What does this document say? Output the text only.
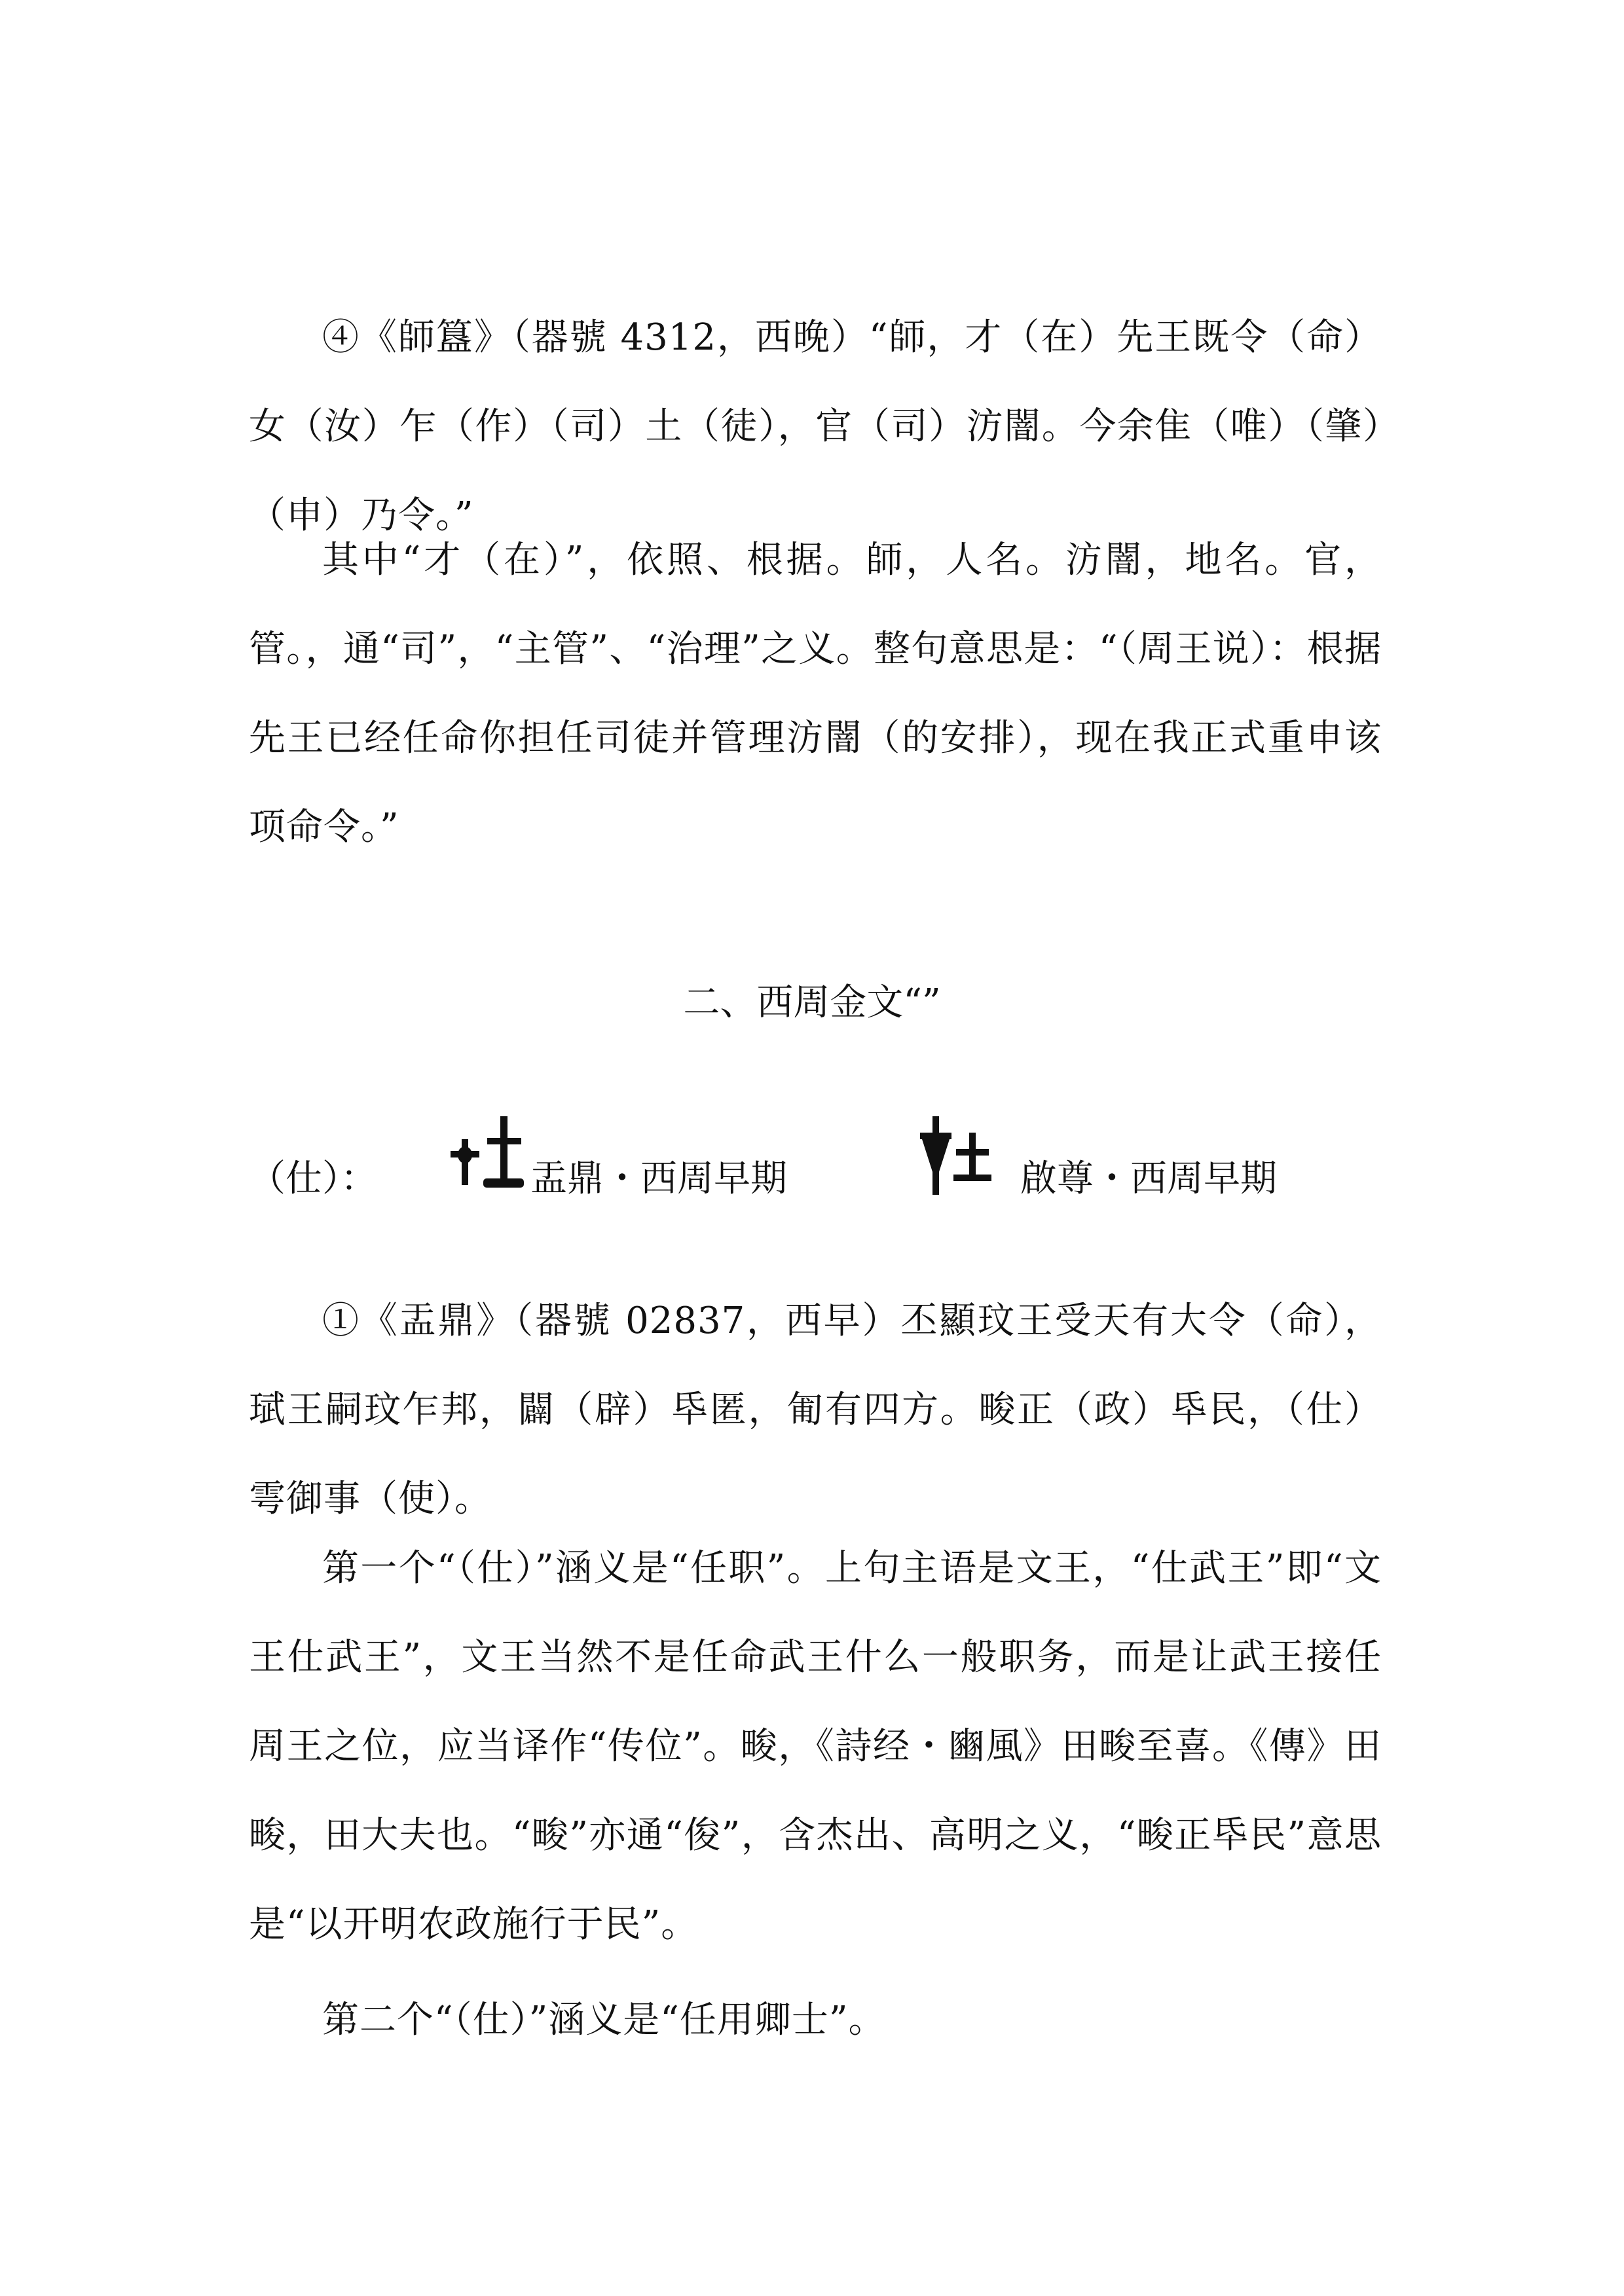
④《師簋》（器號 4312，西晚）“師，才（在）先王既令（命）女（汝）乍（作）（司）土（徒），官（司）汸闇。今余隹（唯）（肇）（申）乃令。”

其中“才（在）”，依照、根据。師，人名。汸闇，地名。官，管。，通“司”，“主管”、“治理”之义。整句意思是：“（周王说）：根据先王已经任命你担任司徒并管理汸闇（的安排），现在我正式重申该项命令。”

二、西周金文“”
（仕）：	盂鼎・西周早期	啟尊・西周早期

①《盂鼎》（器號 02837，西早）丕顯玟王受天有大令（命），珷王嗣玟乍邦，闢（辟）氒匿，匍有四方。畯正（政）氒民，（仕）雩御事（使）。

第一个“（仕）”涵义是“任职”。上句主语是文王，“仕武王”即“文王仕武王”，文王当然不是任命武王什么一般职务，而是让武王接任周王之位，应当译作“传位”。畯，《詩经・豳風》田畯至喜。《傳》田畯，田大夫也。“畯”亦通“俊”，含杰出、高明之义，“畯正氒民”意思是“以开明农政施行于民”。

第二个“（仕）”涵义是“任用卿士”。
